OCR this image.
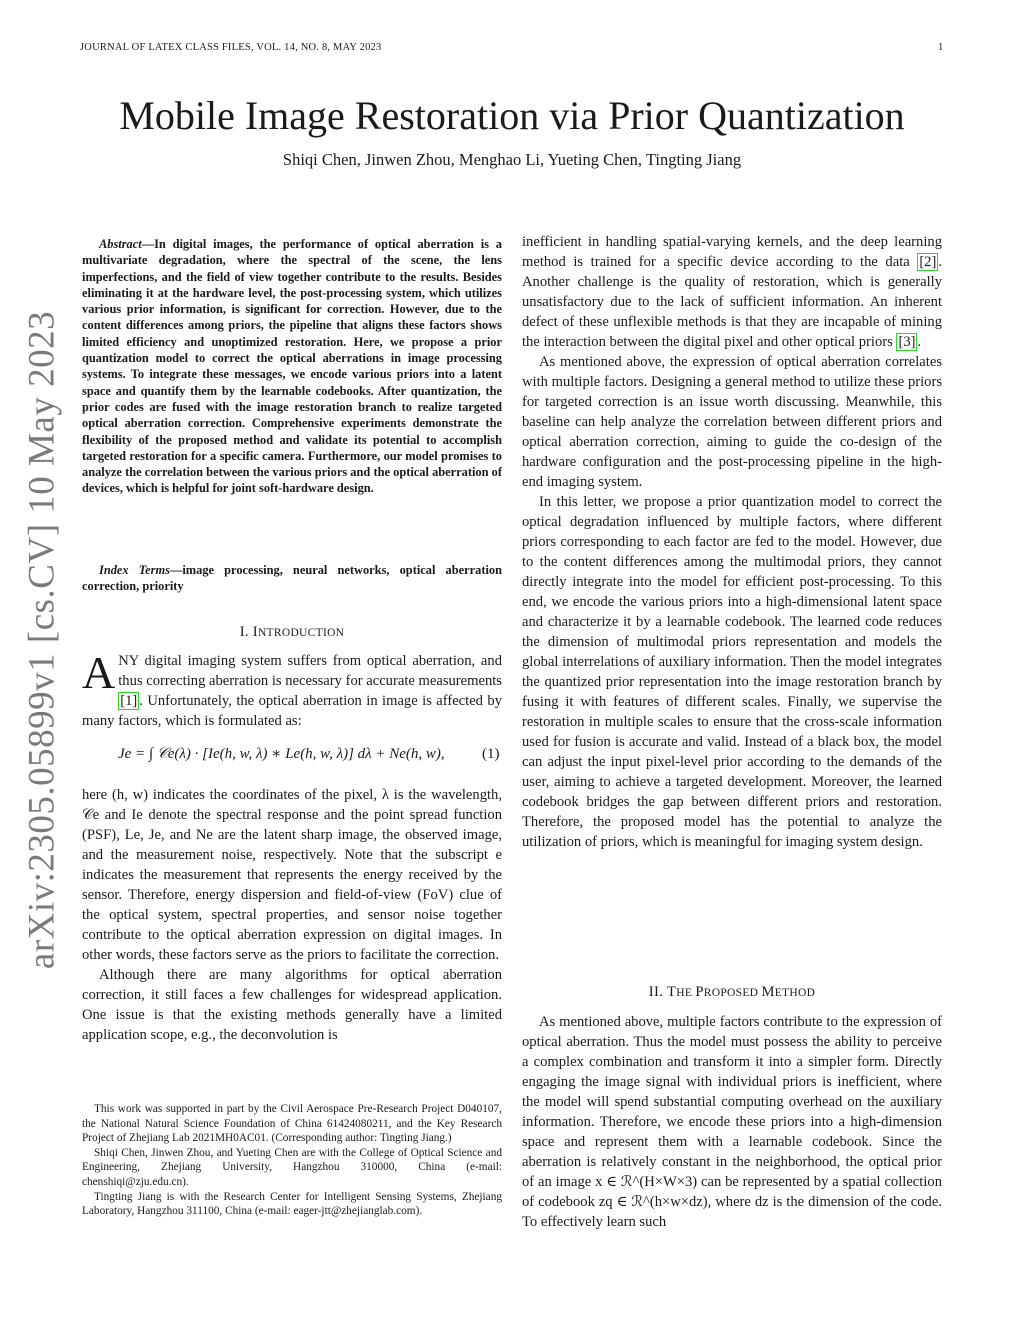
JOURNAL OF LATEX CLASS FILES, VOL. 14, NO. 8, MAY 2023	1
arXiv:2305.05899v1 [cs.CV] 10 May 2023
Mobile Image Restoration via Prior Quantization
Shiqi Chen, Jinwen Zhou, Menghao Li, Yueting Chen, Tingting Jiang

Abstract—In digital images, the performance of optical aberration is a multivariate degradation, where the spectral of the scene, the lens imperfections, and the field of view together contribute to the results. Besides eliminating it at the hardware level, the post-processing system, which utilizes various prior information, is significant for correction. However, due to the content differences among priors, the pipeline that aligns these factors shows limited efficiency and unoptimized restoration. Here, we propose a prior quantization model to correct the optical aberrations in image processing systems. To integrate these messages, we encode various priors into a latent space and quantify them by the learnable codebooks. After quantization, the prior codes are fused with the image restoration branch to realize targeted optical aberration correction. Comprehensive experiments demonstrate the flexibility of the proposed method and validate its potential to accomplish targeted restoration for a specific camera. Furthermore, our model promises to analyze the correlation between the various priors and the optical aberration of devices, which is helpful for joint soft-hardware design.

Index Terms—image processing, neural networks, optical aberration correction, priority

I. INTRODUCTION

ANY digital imaging system suffers from optical aberration, and thus correcting aberration is necessary for accurate measurements [1] . Unfortunately, the optical aberration in image is affected by many factors, which is formulated as:

Je = ∫ 𝒞e(λ) · [Ie(h, w, λ) ∗ Le(h, w, λ)] dλ + Ne(h, w), (1)

here (h, w) indicates the coordinates of the pixel, λ is the wavelength, 𝒞e and Ie denote the spectral response and the point spread function (PSF), Le, Je, and Ne are the latent sharp image, the observed image, and the measurement noise, respectively. Note that the subscript e indicates the measurement that represents the energy received by the sensor. Therefore, energy dispersion and field-of-view (FoV) clue of the optical system, spectral properties, and sensor noise together contribute to the optical aberration expression on digital images. In other words, these factors serve as the priors to facilitate the correction.

Although there are many algorithms for optical aberration correction, it still faces a few challenges for widespread application. One issue is that the existing methods generally have a limited application scope, e.g., the deconvolution is

This work was supported in part by the Civil Aerospace Pre-Research Project D040107, the National Natural Science Foundation of China 61424080211, and the Key Research Project of Zhejiang Lab 2021MH0AC01. (Corresponding author: Tingting Jiang.)

Shiqi Chen, Jinwen Zhou, and Yueting Chen are with the College of Optical Science and Engineering, Zhejiang University, Hangzhou 310000, China (e-mail: chenshiqi@zju.edu.cn).

Tingting Jiang is with the Research Center for Intelligent Sensing Systems, Zhejiang Laboratory, Hangzhou 311100, China (e-mail: eager-jtt@zhejianglab.com).

inefficient in handling spatial-varying kernels, and the deep learning method is trained for a specific device according to the data [2] . Another challenge is the quality of restoration, which is generally unsatisfactory due to the lack of sufficient information. An inherent defect of these unflexible methods is that they are incapable of mining the interaction between the digital pixel and other optical priors [3] .

As mentioned above, the expression of optical aberration correlates with multiple factors. Designing a general method to utilize these priors for targeted correction is an issue worth discussing. Meanwhile, this baseline can help analyze the correlation between different priors and optical aberration correction, aiming to guide the co-design of the hardware configuration and the post-processing pipeline in the high-end imaging system.

In this letter, we propose a prior quantization model to correct the optical degradation influenced by multiple factors, where different priors corresponding to each factor are fed to the model. However, due to the content differences among the multimodal priors, they cannot directly integrate into the model for efficient post-processing. To this end, we encode the various priors into a high-dimensional latent space and characterize it by a learnable codebook. The learned code reduces the dimension of multimodal priors representation and models the global interrelations of auxiliary information. Then the model integrates the quantized prior representation into the image restoration branch by fusing it with features of different scales. Finally, we supervise the restoration in multiple scales to ensure that the cross-scale information used for fusion is accurate and valid. Instead of a black box, the model can adjust the input pixel-level prior according to the demands of the user, aiming to achieve a targeted development. Moreover, the learned codebook bridges the gap between different priors and restoration. Therefore, the proposed model has the potential to analyze the utilization of priors, which is meaningful for imaging system design.

II. THE PROPOSED METHOD

As mentioned above, multiple factors contribute to the expression of optical aberration. Thus the model must possess the ability to perceive a complex combination and transform it into a simpler form. Directly engaging the image signal with individual priors is inefficient, where the model will spend substantial computing overhead on the auxiliary information. Therefore, we encode these priors into a high-dimension space and represent them with a learnable codebook. Since the aberration is relatively constant in the neighborhood, the optical prior of an image x ∈ ℛ^(H×W×3) can be represented by a spatial collection of codebook zq ∈ ℛ^(h×w×dz), where dz is the dimension of the code. To effectively learn such
